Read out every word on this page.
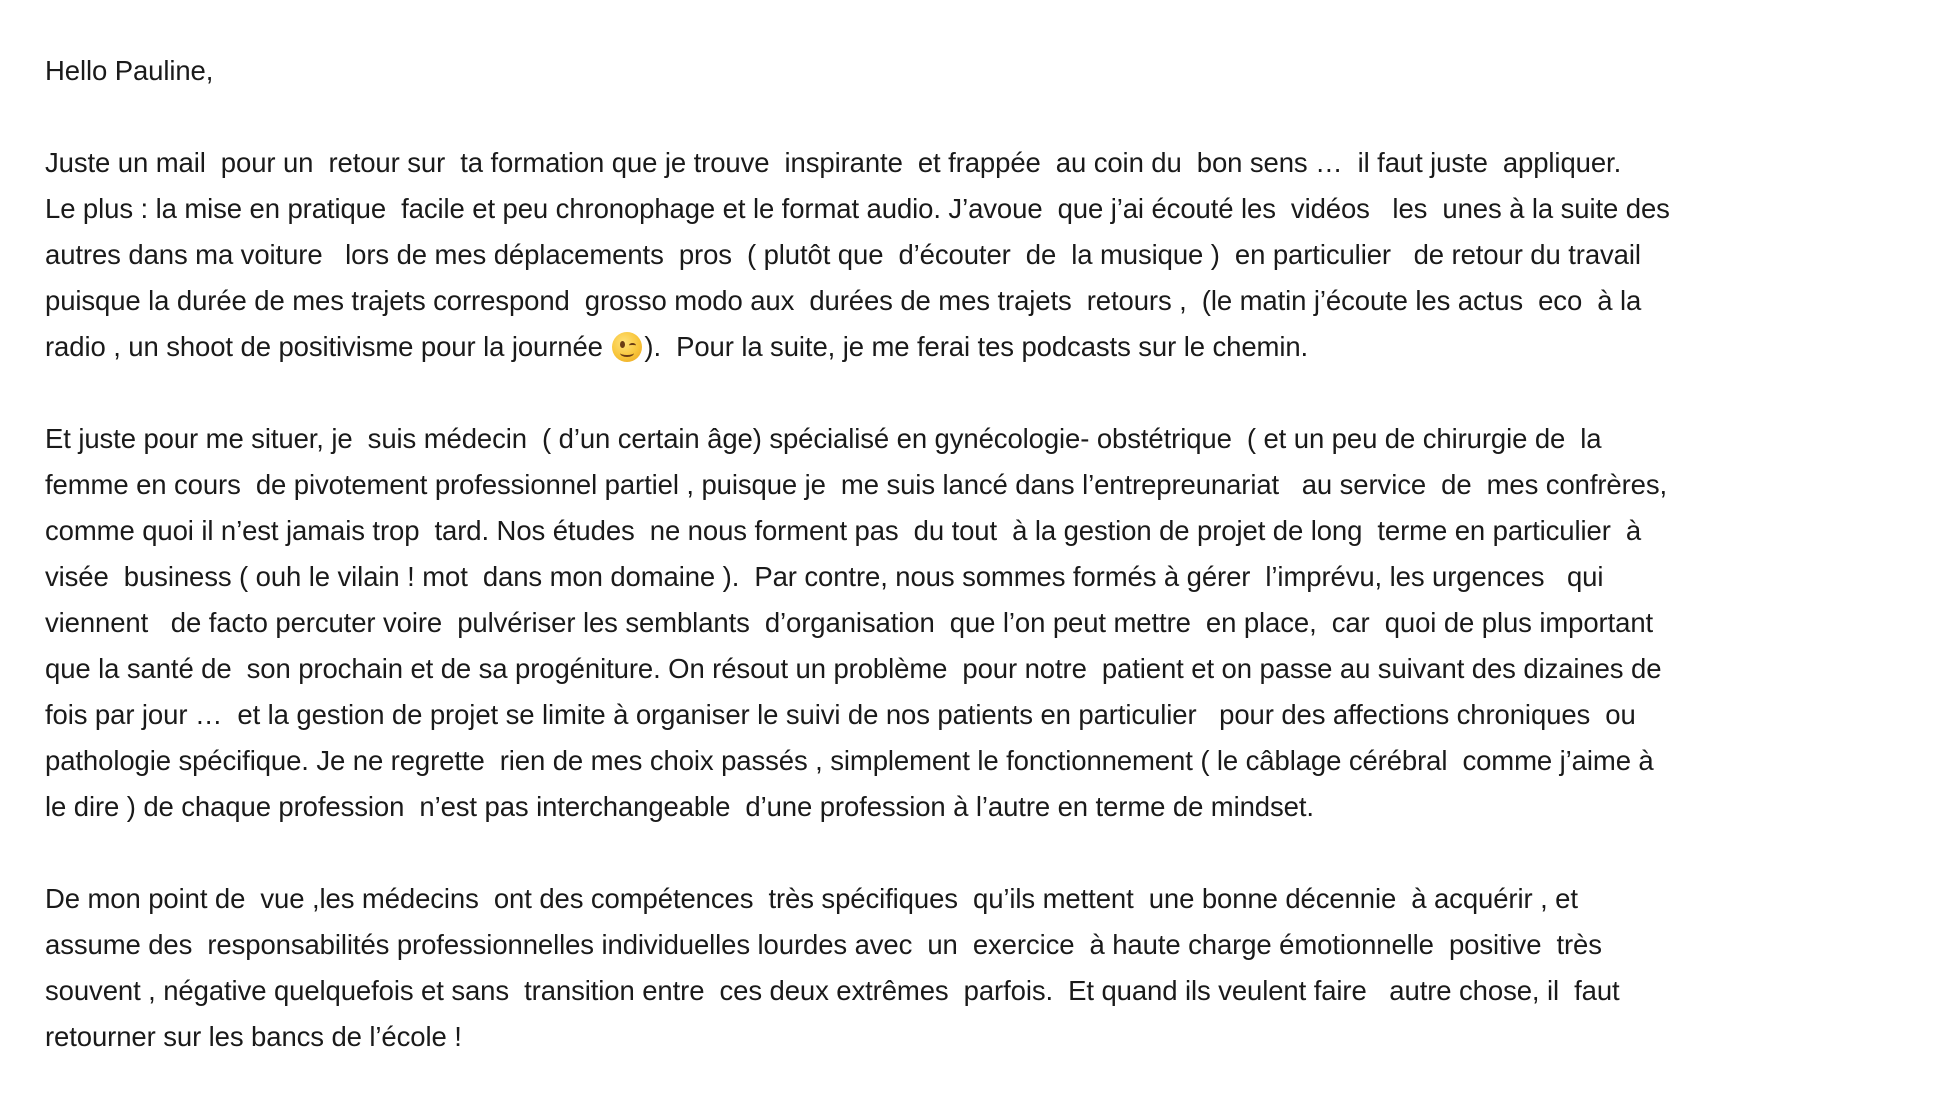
Hello Pauline,
Juste un mail  pour un  retour sur  ta formation que je trouve  inspirante  et frappée  au coin du  bon sens …  il faut juste  appliquer.
Le plus : la mise en pratique  facile et peu chronophage et le format audio. J’avoue  que j’ai écouté les  vidéos   les  unes à la suite des
autres dans ma voiture   lors de mes déplacements  pros  ( plutôt que  d’écouter  de  la musique )  en particulier   de retour du travail
puisque la durée de mes trajets correspond  grosso modo aux  durées de mes trajets  retours ,  (le matin j’écoute les actus  eco  à la
radio , un shoot de positivisme pour la journée
).  Pour la suite, je me ferai tes podcasts sur le chemin.
Et juste pour me situer, je  suis médecin  ( d’un certain âge) spécialisé en gynécologie- obstétrique  ( et un peu de chirurgie de  la
femme en cours  de pivotement professionnel partiel , puisque je  me suis lancé dans l’entrepreunariat   au service  de  mes confrères,
comme quoi il n’est jamais trop  tard. Nos études  ne nous forment pas  du tout  à la gestion de projet de long  terme en particulier  à
visée  business ( ouh le vilain ! mot  dans mon domaine ).  Par contre, nous sommes formés à gérer  l’imprévu, les urgences   qui
viennent   de facto percuter voire  pulvériser les semblants  d’organisation  que l’on peut mettre  en place,  car  quoi de plus important
que la santé de  son prochain et de sa progéniture. On résout un problème  pour notre  patient et on passe au suivant des dizaines de
fois par jour …  et la gestion de projet se limite à organiser le suivi de nos patients en particulier   pour des affections chroniques  ou
pathologie spécifique. Je ne regrette  rien de mes choix passés , simplement le fonctionnement ( le câblage cérébral  comme j’aime à
le dire ) de chaque profession  n’est pas interchangeable  d’une profession à l’autre en terme de mindset.
De mon point de  vue ,les médecins  ont des compétences  très spécifiques  qu’ils mettent  une bonne décennie  à acquérir , et
assume des  responsabilités professionnelles individuelles lourdes avec  un  exercice  à haute charge émotionnelle  positive  très
souvent , négative quelquefois et sans  transition entre  ces deux extrêmes  parfois.  Et quand ils veulent faire   autre chose, il  faut
retourner sur les bancs de l’école !
